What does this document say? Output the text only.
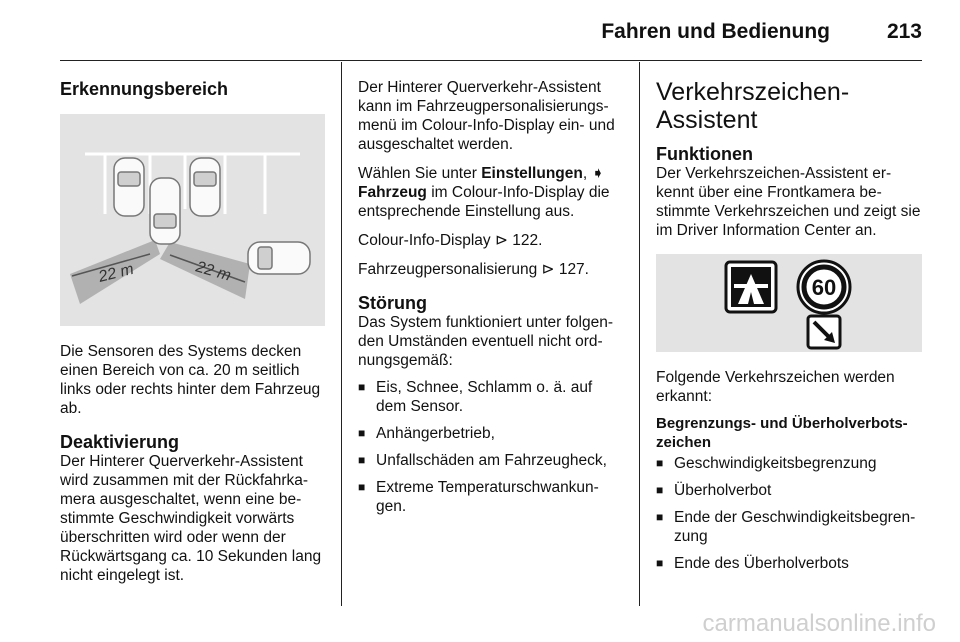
Fahren und Bedienung	213
Erkennungsbereich
22 m	22 m

Die Sensoren des Systems decken einen Bereich von ca. 20 m seitlich links oder rechts hinter dem Fahrzeug ab.

Deaktivierung

Der Hinterer Querverkehr-Assistent wird zusammen mit der Rückfahrka-mera ausgeschaltet, wenn eine be-stimmte Geschwindigkeit vorwärts überschritten wird oder wenn der Rückwärtsgang ca. 10 Sekunden lang nicht eingelegt ist.

Der Hinterer Querverkehr-Assistent kann im Fahrzeugpersonalisierungs-menü im Colour-Info-Display ein- und ausgeschaltet werden.

Wählen Sie unter Einstellungen, ➧ Fahrzeug im Colour-Info-Display die entsprechende Einstellung aus.

Colour-Info-Display ⊳ 122.

Fahrzeugpersonalisierung ⊳ 127.

Störung

Das System funktioniert unter folgen-den Umständen eventuell nicht ord-nungsgemäß:

■ Eis, Schnee, Schlamm o. ä. auf dem Sensor.
■ Anhängerbetrieb,
■ Unfallschäden am Fahrzeugheck,
■ Extreme Temperaturschwankun-gen.
Verkehrszeichen-Assistent
Funktionen

Der Verkehrszeichen-Assistent er-kennt über eine Frontkamera be-stimmte Verkehrszeichen und zeigt sie im Driver Information Center an.

60

Folgende Verkehrszeichen werden erkannt:

Begrenzungs- und Überholverbots-zeichen
■ Geschwindigkeitsbegrenzung
■ Überholverbot
■ Ende der Geschwindigkeitsbegren-zung
■ Ende des Überholverbots
carmanualsonline.info
